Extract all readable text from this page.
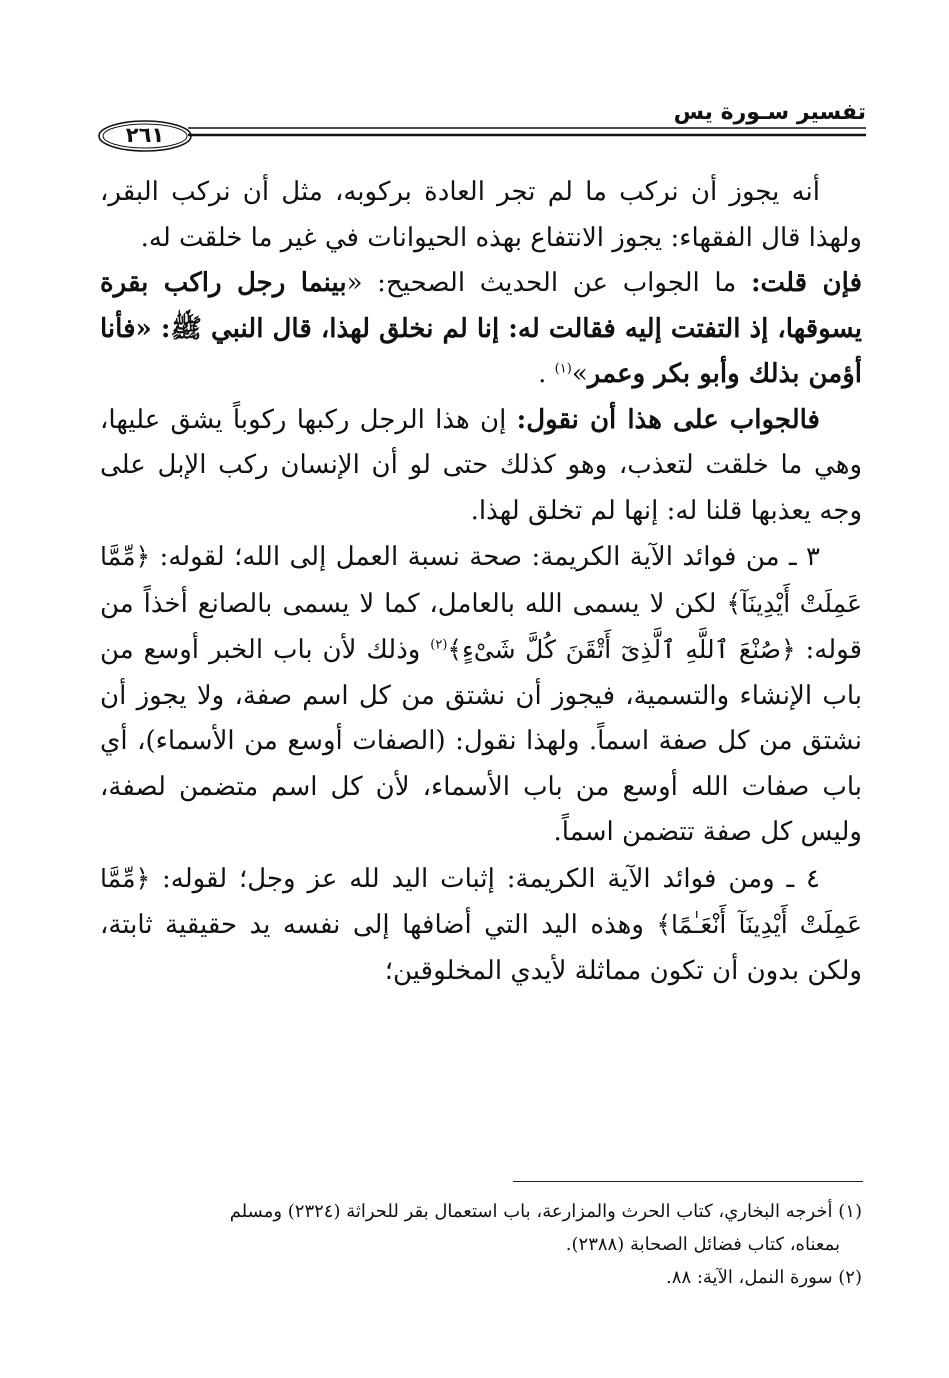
تفسير سـورة يس
٢٦١

أنه يجوز أن نركب ما لم تجر العادة بركوبه، مثل أن نركب البقر، ولهذا قال الفقهاء: يجوز الانتفاع بهذه الحيوانات في غير ما خلقت له.

فإن قلت: ما الجواب عن الحديث الصحيح: «بينما رجل راكب بقرة يسوقها، إذ التفتت إليه فقالت له: إنا لم نخلق لهذا، قال النبي ﷺ: «فأنا أؤمن بذلك وأبو بكر وعمر»$^{(١)}$ .

فالجواب على هذا أن نقول: إن هذا الرجل ركبها ركوباً يشق عليها، وهي ما خلقت لتعذب، وهو كذلك حتى لو أن الإنسان ركب الإبل على وجه يعذبها قلنا له: إنها لم تخلق لهذا.

٣ ـ من فوائد الآية الكريمة: صحة نسبة العمل إلى الله؛ لقوله: ﴿مِّمَّا عَمِلَتْ أَيْدِينَآ﴾ لكن لا يسمى الله بالعامل، كما لا يسمى بالصانع أخذاً من قوله: ﴿صُنْعَ ٱللَّهِ ٱلَّذِىٓ أَتْقَنَ كُلَّ شَىْءٍ﴾$^{(٢)}$ وذلك لأن باب الخبر أوسع من باب الإنشاء والتسمية، فيجوز أن نشتق من كل اسم صفة، ولا يجوز أن نشتق من كل صفة اسماً. ولهذا نقول: (الصفات أوسع من الأسماء)، أي باب صفات الله أوسع من باب الأسماء، لأن كل اسم متضمن لصفة، وليس كل صفة تتضمن اسماً.

٤ ـ ومن فوائد الآية الكريمة: إثبات اليد لله عز وجل؛ لقوله: ﴿مِّمَّا عَمِلَتْ أَيْدِينَآ أَنْعَـٰمًا﴾ وهذه اليد التي أضافها إلى نفسه يد حقيقية ثابتة، ولكن بدون أن تكون مماثلة لأيدي المخلوقين؛

(١) أخرجه البخاري، كتاب الحرث والمزارعة، باب استعمال بقر للحراثة (٢٣٢٤) ومسلم

بمعناه، كتاب فضائل الصحابة (٢٣٨٨).

(٢) سورة النمل، الآية: ٨٨.
